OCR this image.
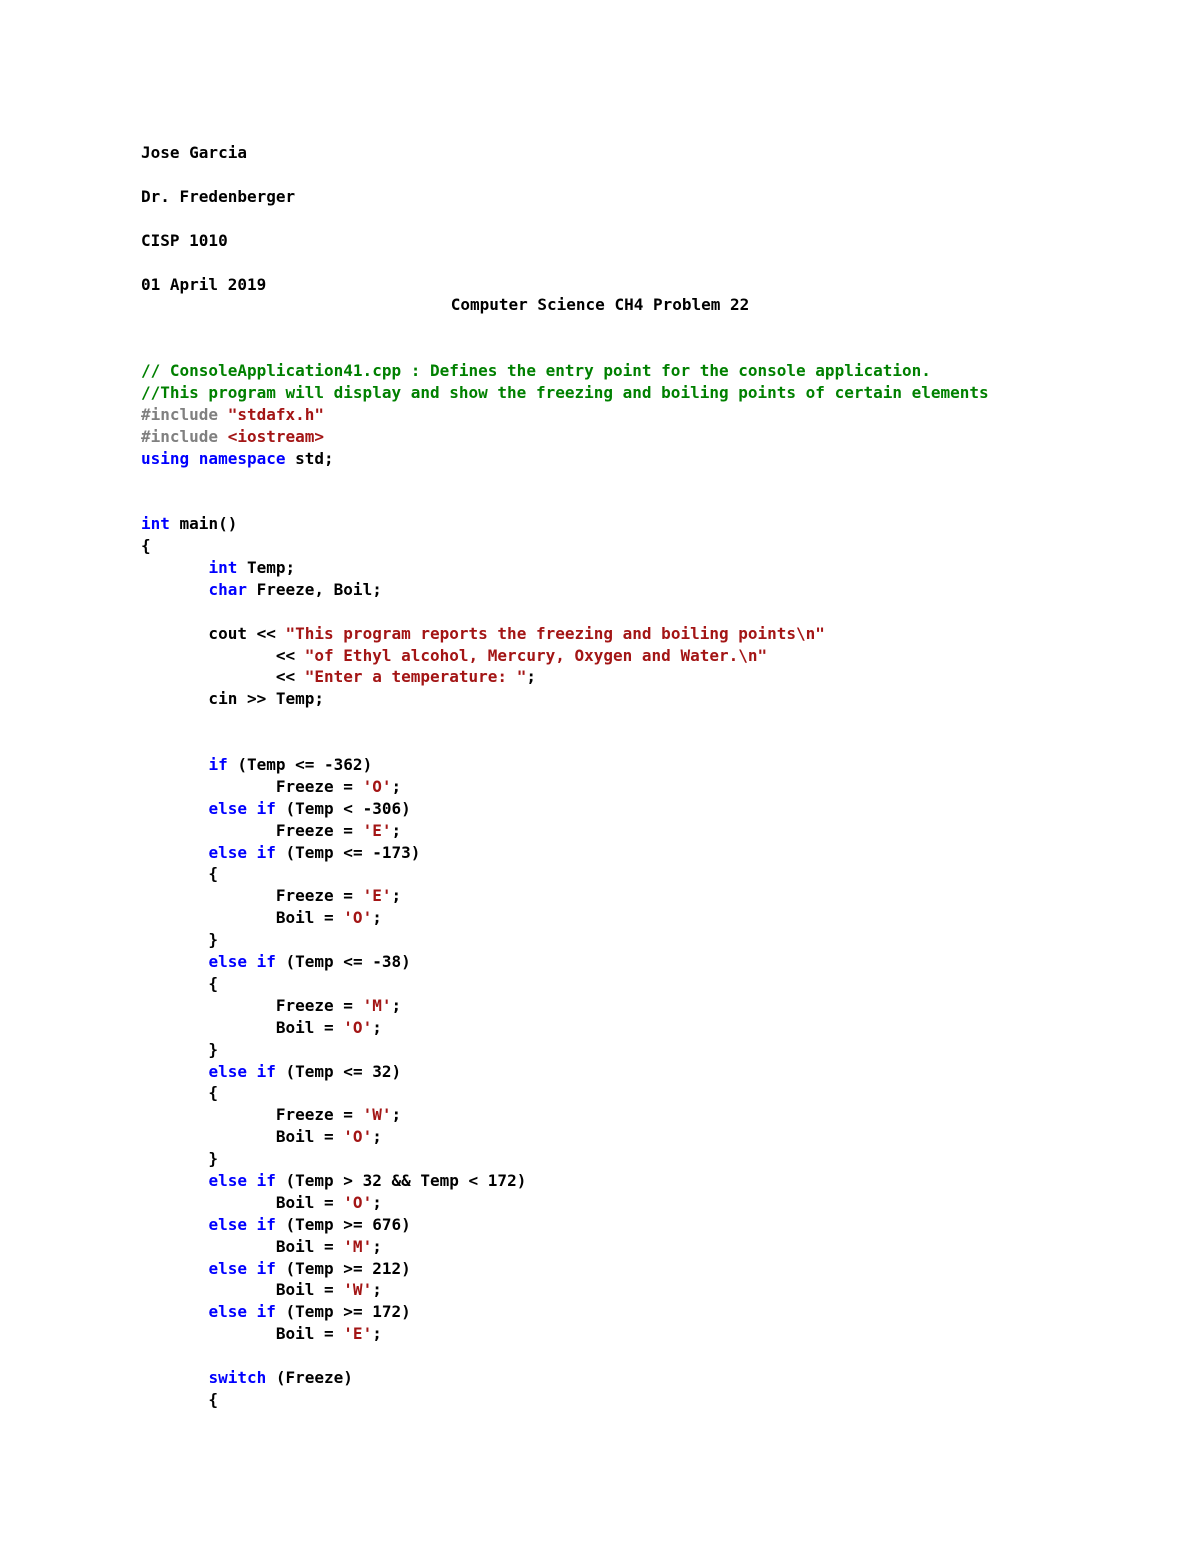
Jose Garcia
Dr. Fredenberger
CISP 1010
01 April 2019
Computer Science CH4 Problem 22
// ConsoleApplication41.cpp : Defines the entry point for the console application.
//This program will display and show the freezing and boiling points of certain elements
#include "stdafx.h"
#include <iostream>
using namespace std;

int main()
{
int Temp;
char Freeze, Boil;

cout << "This program reports the freezing and boiling points\n"
<< "of Ethyl alcohol, Mercury, Oxygen and Water.\n"
<< "Enter a temperature: ";
cin >> Temp;

if (Temp <= -362)
Freeze = 'O';
else if (Temp < -306)
Freeze = 'E';
else if (Temp <= -173)
{
Freeze = 'E';
Boil = 'O';
}
else if (Temp <= -38)
{
Freeze = 'M';
Boil = 'O';
}
else if (Temp <= 32)
{
Freeze = 'W';
Boil = 'O';
}
else if (Temp > 32 && Temp < 172)
Boil = 'O';
else if (Temp >= 676)
Boil = 'M';
else if (Temp >= 212)
Boil = 'W';
else if (Temp >= 172)
Boil = 'E';

switch (Freeze)
{
